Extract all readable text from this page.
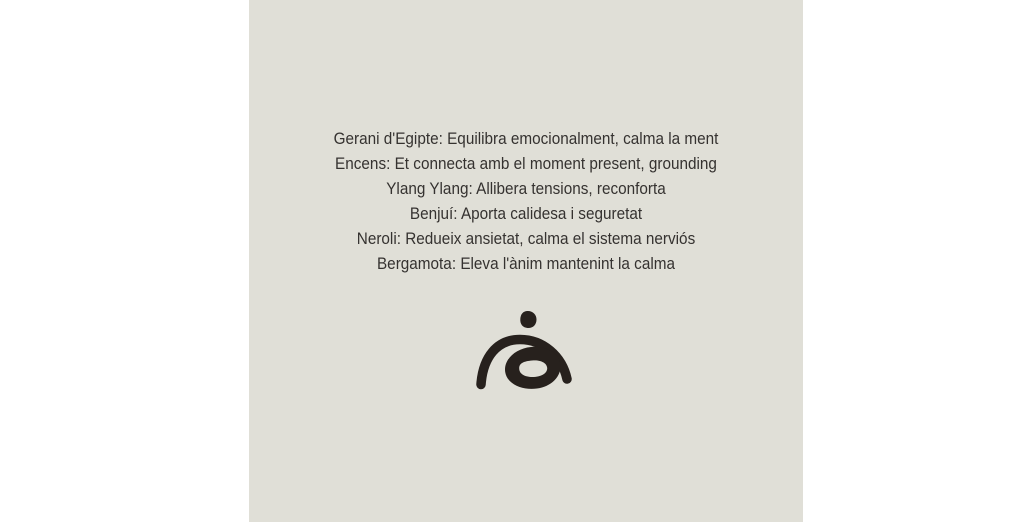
Gerani d'Egipte: Equilibra emocionalment, calma la ment
Encens: Et connecta amb el moment present, grounding
Ylang Ylang: Allibera tensions, reconforta
Benjuí: Aporta calidesa i seguretat
Neroli: Redueix ansietat, calma el sistema nerviós
Bergamota: Eleva l'ànim mantenint la calma
